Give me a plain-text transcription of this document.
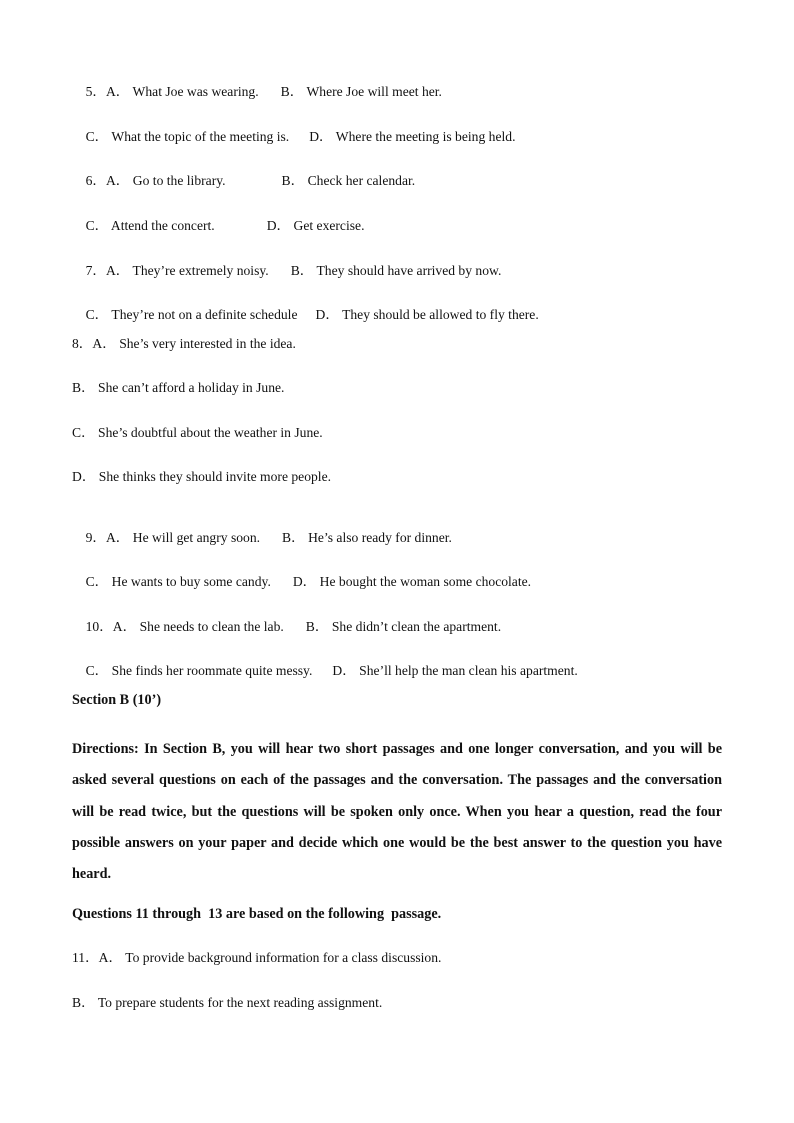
5．A． What Joe was wearing. B． Where Joe will meet her.

C． What the topic of the meeting is. D． Where the meeting is being held.

6．A． Go to the library.	B． Check her calendar.

C． Attend the concert.	D． Get exercise.

7．A． They’re extremely noisy. B． They should have arrived by now.

C． They’re not on a definite schedule D． They should be allowed to fly there.

8．A． She’s very interested in the idea.
B． She can’t afford a holiday in June.
C． She’s doubtful about the weather in June.
D． She thinks they should invite more people.

9．A． He will get angry soon. B． He’s also ready for dinner.

C． He wants to buy some candy. D． He bought the woman some chocolate.

10．A． She needs to clean the lab. B． She didn’t clean the apartment.

C． She finds her roommate quite messy. D． She’ll help the man clean his apartment.

Section B (10’)
Directions: In Section B, you will hear two short passages and one longer conversation, and you will be asked several questions on each of the passages and the conversation. The passages and the conversation will be read twice, but the questions will be spoken only once. When you hear a question, read the four possible answers on your paper and decide which one would be the best answer to the question you have heard.
Questions 11 through  13 are based on the following  passage.
11．A． To provide background information for a class discussion.
B． To prepare students for the next reading assignment.
